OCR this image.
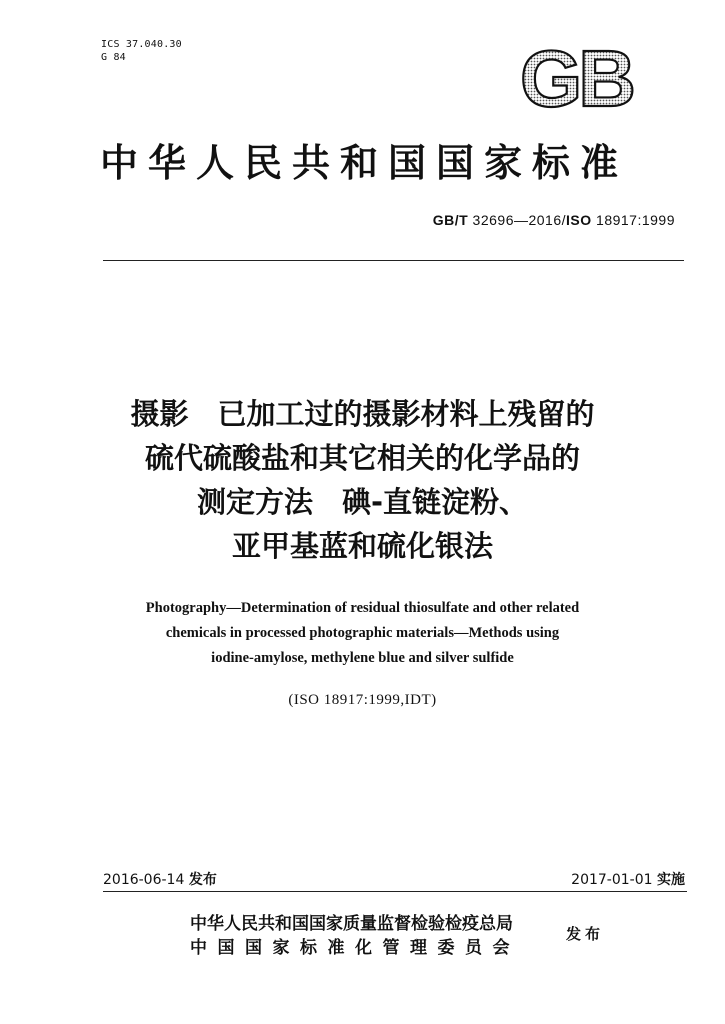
ICS 37.040.30
G 84	GB
中华人民共和国国家标准
GB/T 32696—2016/ISO 18917:1999
摄影　已加工过的摄影材料上残留的
硫代硫酸盐和其它相关的化学品的
测定方法　碘-直链淀粉、
亚甲基蓝和硫化银法
Photography—Determination of residual thiosulfate and other related
chemicals in processed photographic materials—Methods using
iodine-amylose, methylene blue and silver sulfide
(ISO 18917:1999,IDT)
2016-06-14 发布	2017-01-01 实施
中华人民共和国国家质量监督检验检疫总局
中国国家标准化管理委员会
发布
